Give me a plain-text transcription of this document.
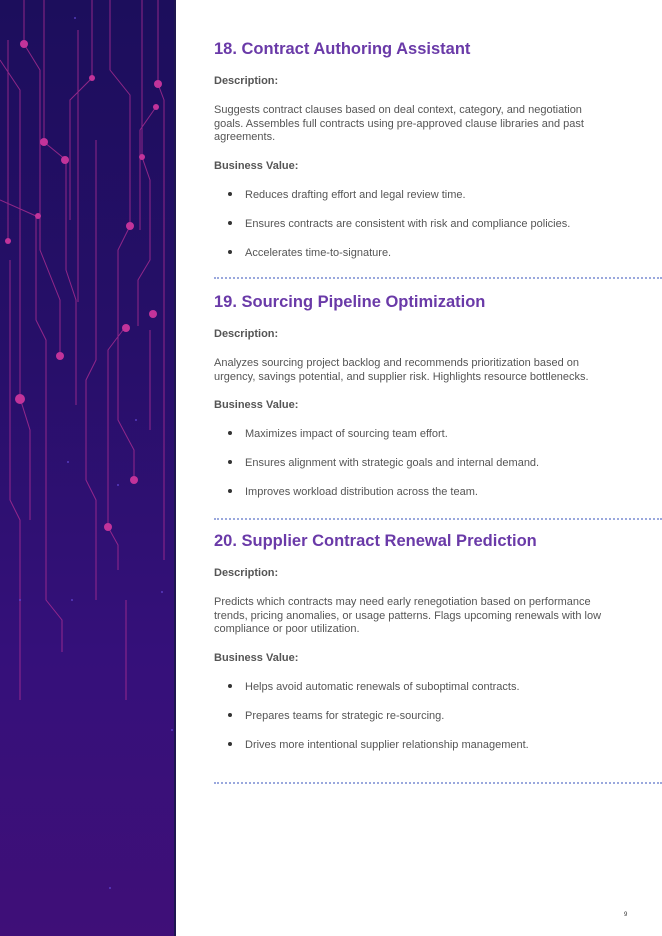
18. Contract Authoring Assistant
Description:
Suggests contract clauses based on deal context, category, and negotiation goals. Assembles full contracts using pre-approved clause libraries and past agreements.
Business Value:
Reduces drafting effort and legal review time.
Ensures contracts are consistent with risk and compliance policies.
Accelerates time-to-signature.
19. Sourcing Pipeline Optimization
Description:
Analyzes sourcing project backlog and recommends prioritization based on urgency, savings potential, and supplier risk. Highlights resource bottlenecks.
Business Value:
Maximizes impact of sourcing team effort.
Ensures alignment with strategic goals and internal demand.
Improves workload distribution across the team.
20. Supplier Contract Renewal Prediction
Description:
Predicts which contracts may need early renegotiation based on performance trends, pricing anomalies, or usage patterns. Flags upcoming renewals with low compliance or poor utilization.
Business Value:
Helps avoid automatic renewals of suboptimal contracts.
Prepares teams for strategic re-sourcing.
Drives more intentional supplier relationship management.
9
